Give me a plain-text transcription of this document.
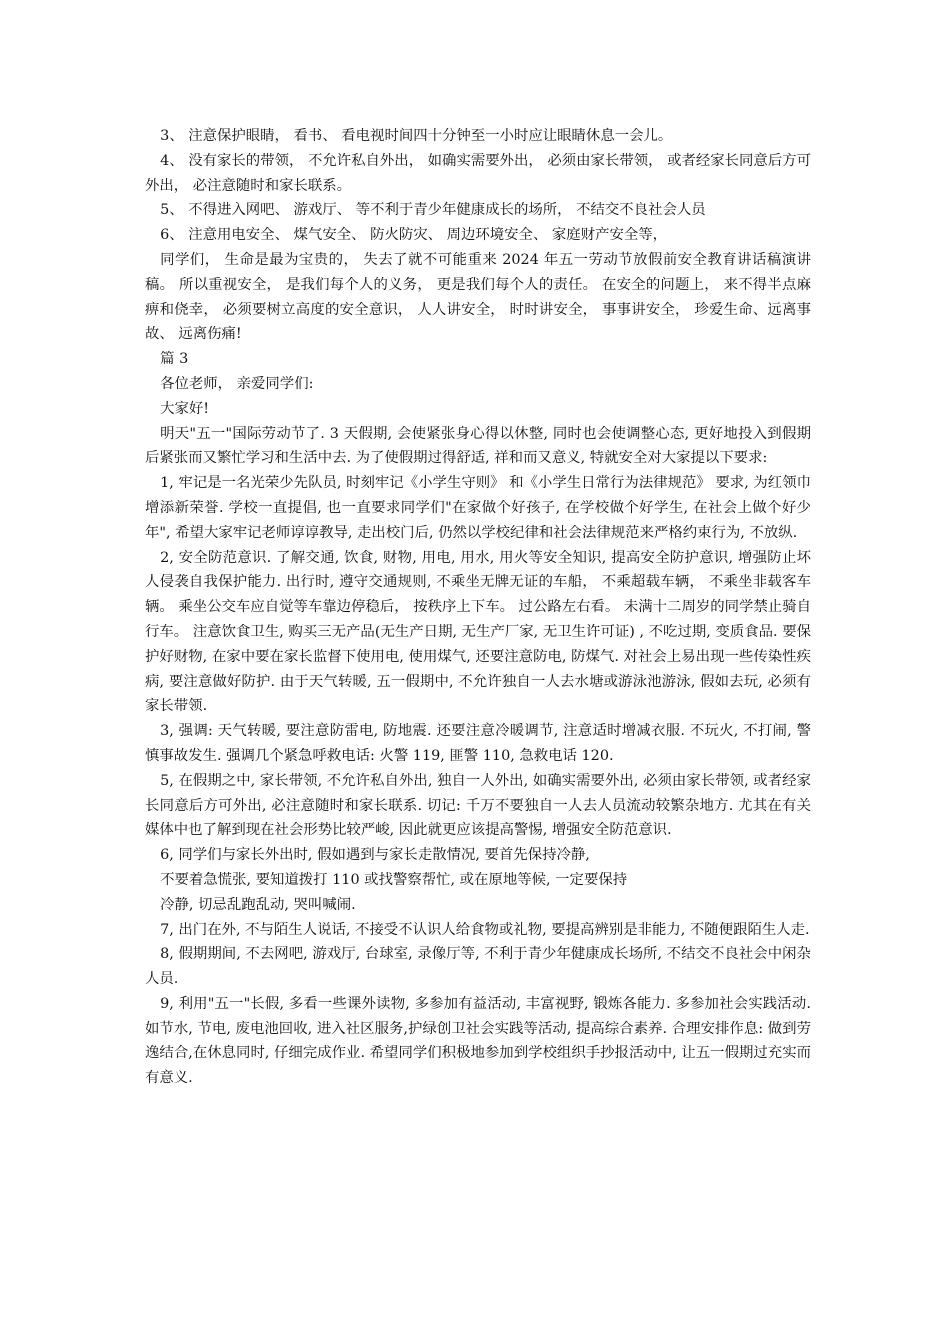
3、 注意保护眼睛， 看书、 看电视时间四十分钟至一小时应让眼睛休息一会儿。

4、 没有家长的带领， 不允许私自外出， 如确实需要外出， 必须由家长带领， 或者经家长同意后方可外出， 必注意随时和家长联系。

5、 不得进入网吧、 游戏厅、 等不利于青少年健康成长的场所， 不结交不良社会人员

6、 注意用电安全、 煤气安全、 防火防灾、 周边环境安全、 家庭财产安全等，

同学们， 生命是最为宝贵的， 失去了就不可能重来 2024 年五一劳动节放假前安全教育讲话稿演讲稿。 所以重视安全， 是我们每个人的义务， 更是我们每个人的责任。 在安全的问题上， 来不得半点麻痹和侥幸， 必须要树立高度的安全意识， 人人讲安全， 时时讲安全， 事事讲安全， 珍爱生命、远离事故、 远离伤痛!

篇 3

各位老师， 亲爱同学们:

大家好!

明天"五一"国际劳动节了. 3 天假期, 会使紧张身心得以休整, 同时也会使调整心态, 更好地投入到假期后紧张而又繁忙学习和生活中去. 为了使假期过得舒适, 祥和而又意义, 特就安全对大家提以下要求:

1, 牢记是一名光荣少先队员, 时刻牢记《小学生守则》 和《小学生日常行为法律规范》 要求, 为红领巾增添新荣誉. 学校一直提倡, 也一直要求同学们"在家做个好孩子, 在学校做个好学生, 在社会上做个好少年", 希望大家牢记老师谆谆教导, 走出校门后, 仍然以学校纪律和社会法律规范来严格约束行为, 不放纵.

2, 安全防范意识. 了解交通, 饮食, 财物, 用电, 用水, 用火等安全知识, 提高安全防护意识, 增强防止坏人侵袭自我保护能力. 出行时, 遵守交通规则, 不乘坐无牌无证的车船， 不乘超载车辆， 不乘坐非载客车辆。 乘坐公交车应自觉等车靠边停稳后， 按秩序上下车。 过公路左右看。 未满十二周岁的同学禁止骑自行车。 注意饮食卫生, 购买三无产品(无生产日期, 无生产厂家, 无卫生许可证) , 不吃过期, 变质食品. 要保护好财物, 在家中要在家长监督下使用电, 使用煤气, 还要注意防电, 防煤气. 对社会上易出现一些传染性疾病, 要注意做好防护. 由于天气转暖, 五一假期中, 不允许独自一人去水塘或游泳池游泳, 假如去玩, 必须有家长带领.

3, 强调: 天气转暖, 要注意防雷电, 防地震. 还要注意冷暖调节, 注意适时增减衣服. 不玩火, 不打闹, 警慎事故发生. 强调几个紧急呼救电话: 火警 119, 匪警 110, 急救电话 120.

5, 在假期之中, 家长带领, 不允许私自外出, 独自一人外出, 如确实需要外出, 必须由家长带领, 或者经家长同意后方可外出, 必注意随时和家长联系. 切记: 千万不要独自一人去人员流动较繁杂地方. 尤其在有关媒体中也了解到现在社会形势比较严峻, 因此就更应该提高警惕, 增强安全防范意识.

6, 同学们与家长外出时, 假如遇到与家长走散情况, 要首先保持冷静,

不要着急慌张, 要知道拨打 110 或找警察帮忙, 或在原地等候, 一定要保持

冷静, 切忌乱跑乱动, 哭叫喊闹.

7, 出门在外, 不与陌生人说话, 不接受不认识人给食物或礼物, 要提高辨别是非能力, 不随便跟陌生人走.

8, 假期期间, 不去网吧, 游戏厅, 台球室, 录像厅等, 不利于青少年健康成长场所, 不结交不良社会中闲杂人员.

9, 利用"五一"长假, 多看一些课外读物, 多参加有益活动, 丰富视野, 锻炼各能力. 多参加社会实践活动. 如节水, 节电, 废电池回收, 进入社区服务,护绿创卫社会实践等活动, 提高综合素养. 合理安排作息: 做到劳逸结合,在休息同时, 仔细完成作业. 希望同学们积极地参加到学校组织手抄报活动中, 让五一假期过充实而有意义.
